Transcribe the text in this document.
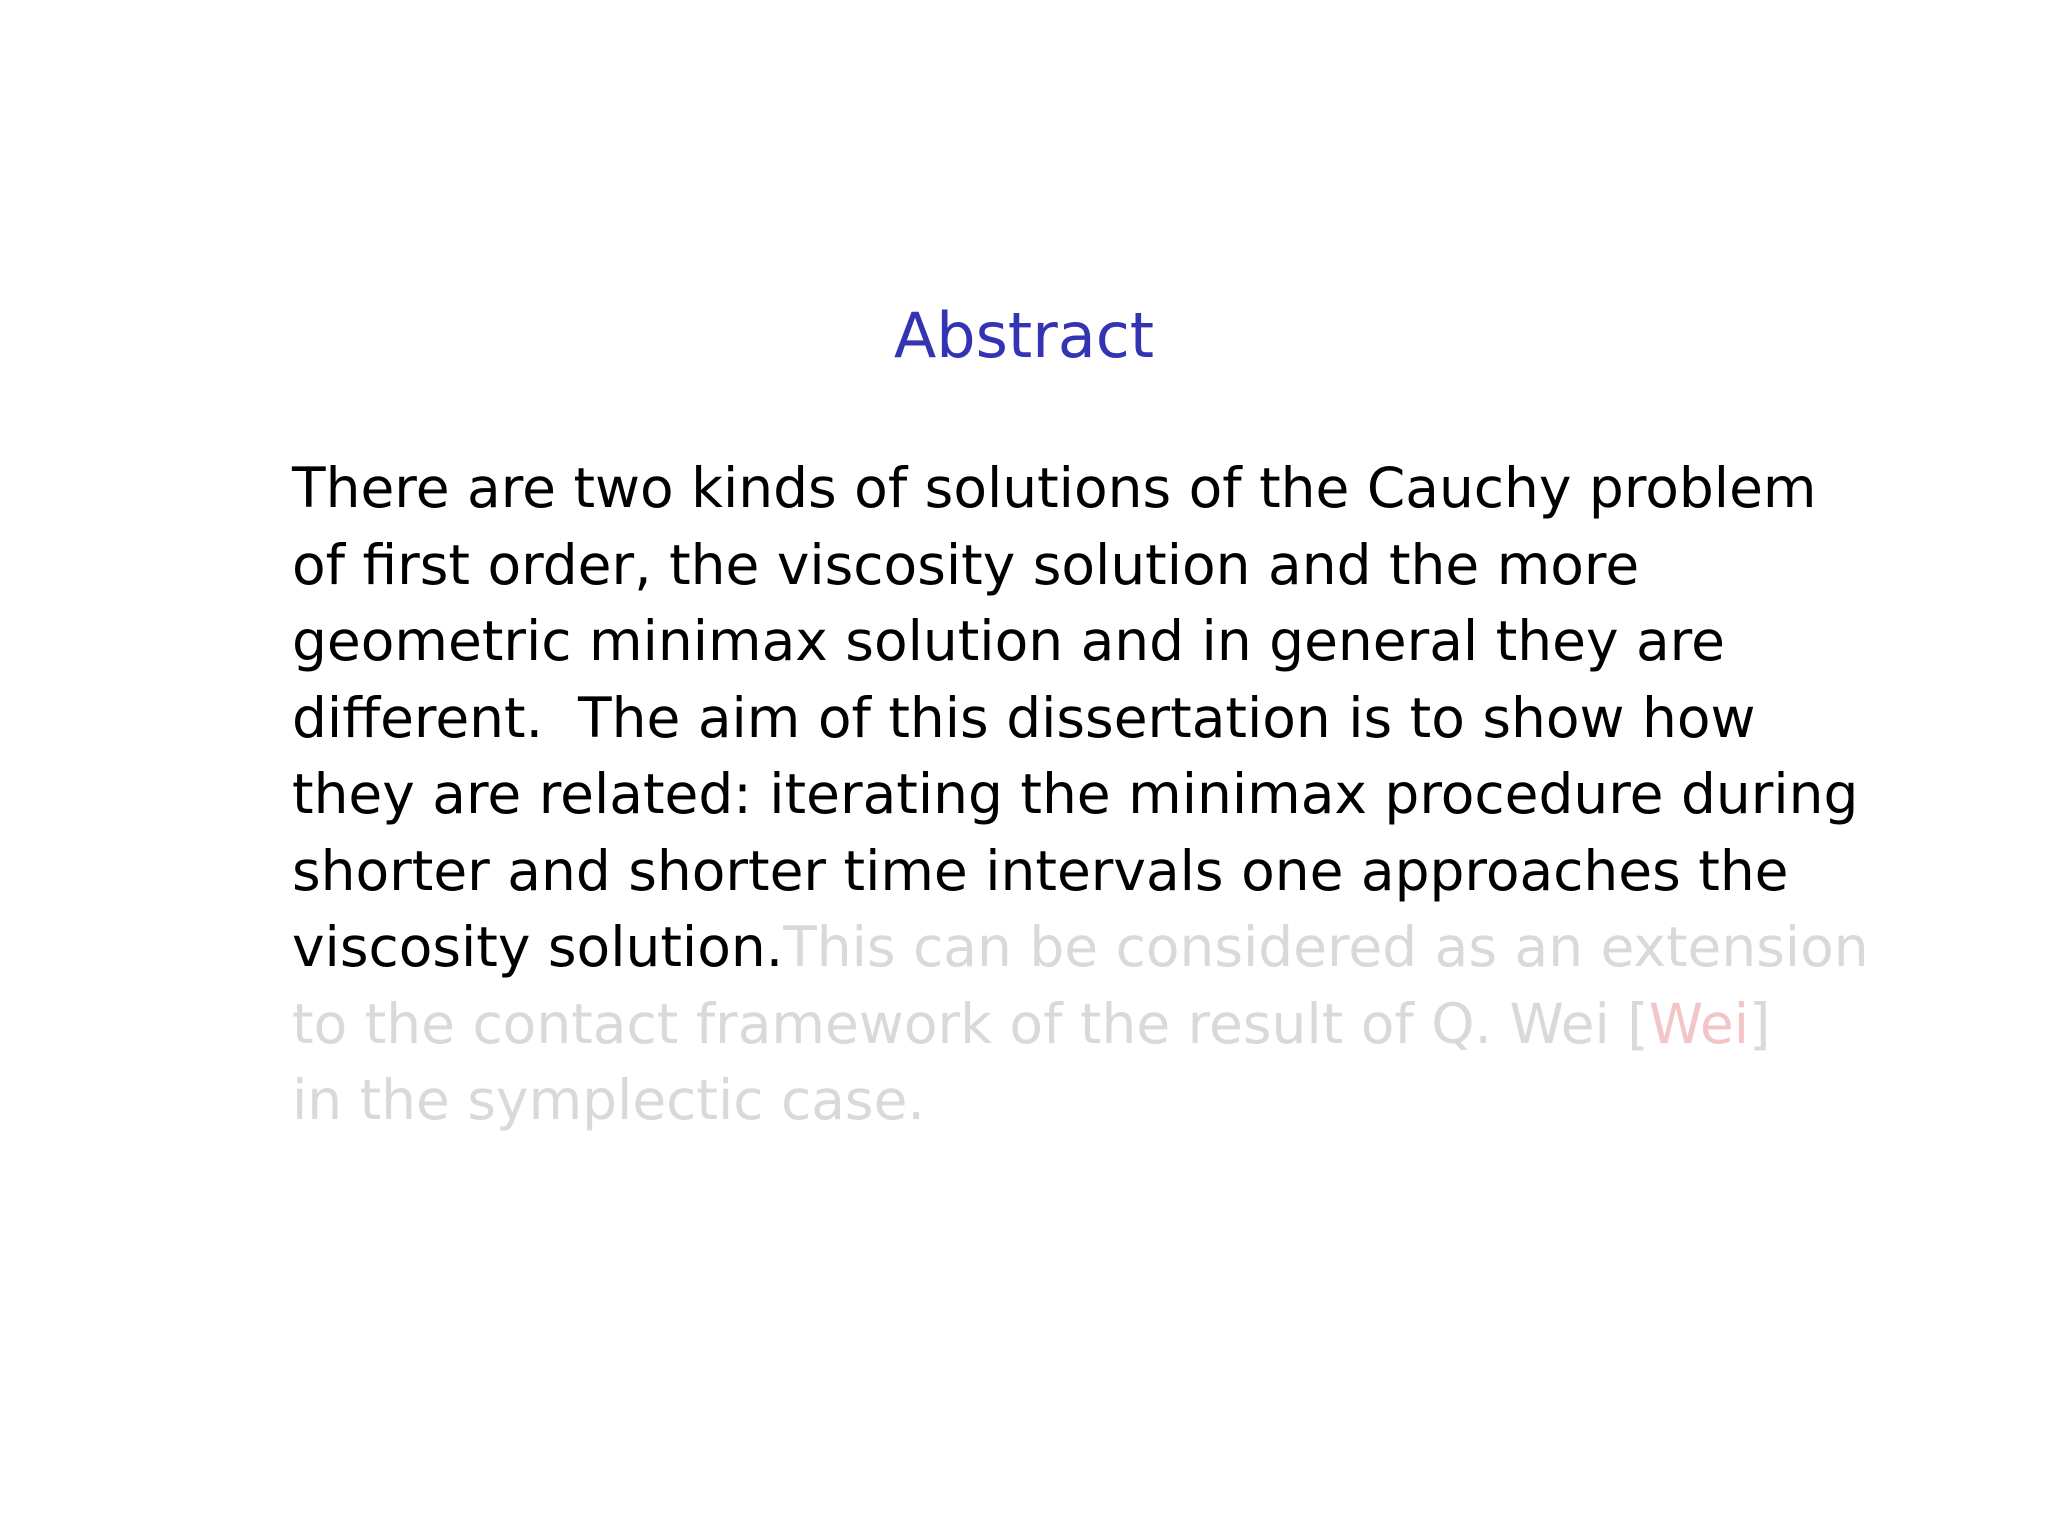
Abstract
There are two kinds of solutions of the Cauchy problem
of first order, the viscosity solution and the more
geometric minimax solution and in general they are
different.  The aim of this dissertation is to show how
they are related: iterating the minimax procedure during
shorter and shorter time intervals one approaches the
viscosity solution.This can be considered as an extension
to the contact framework of the result of Q. Wei [Wei]
in the symplectic case.
